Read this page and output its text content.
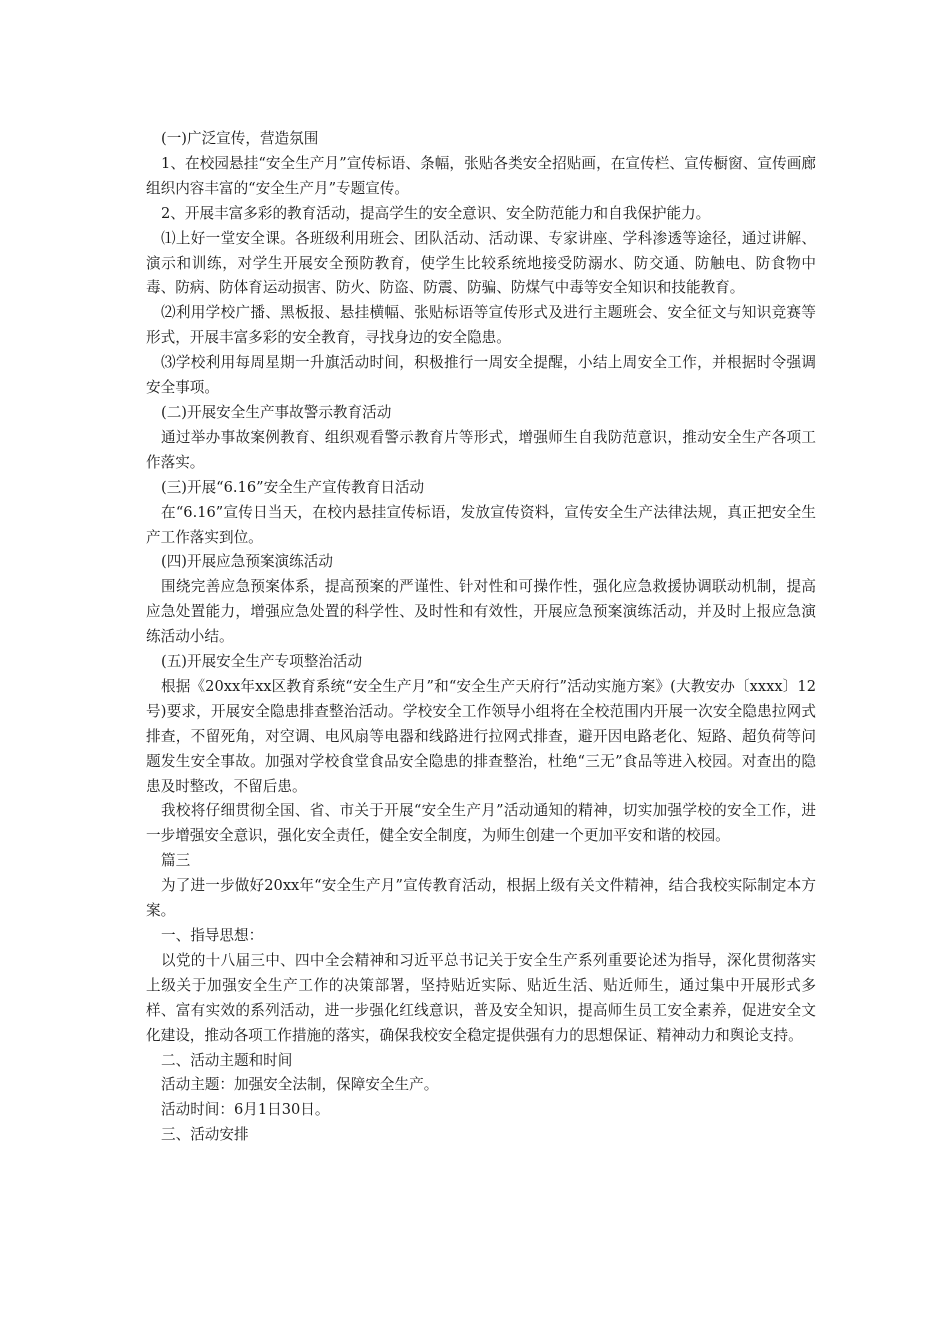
(一)广泛宣传，营造氛围

1、在校园悬挂“安全生产月”宣传标语、条幅，张贴各类安全招贴画，在宣传栏、宣传橱窗、宣传画廊组织内容丰富的“安全生产月”专题宣传。

2、开展丰富多彩的教育活动，提高学生的安全意识、安全防范能力和自我保护能力。

⑴上好一堂安全课。各班级利用班会、团队活动、活动课、专家讲座、学科渗透等途径，通过讲解、演示和训练，对学生开展安全预防教育，使学生比较系统地接受防溺水、防交通、防触电、防食物中毒、防病、防体育运动损害、防火、防盗、防震、防骗、防煤气中毒等安全知识和技能教育。

⑵利用学校广播、黑板报、悬挂横幅、张贴标语等宣传形式及进行主题班会、安全征文与知识竞赛等形式，开展丰富多彩的安全教育，寻找身边的安全隐患。

⑶学校利用每周星期一升旗活动时间，积极推行一周安全提醒，小结上周安全工作，并根据时令强调安全事项。

(二)开展安全生产事故警示教育活动

通过举办事故案例教育、组织观看警示教育片等形式，增强师生自我防范意识，推动安全生产各项工作落实。

(三)开展“6.16”安全生产宣传教育日活动

在“6.16”宣传日当天，在校内悬挂宣传标语，发放宣传资料，宣传安全生产法律法规，真正把安全生产工作落实到位。

(四)开展应急预案演练活动

围绕完善应急预案体系，提高预案的严谨性、针对性和可操作性，强化应急救援协调联动机制，提高应急处置能力，增强应急处置的科学性、及时性和有效性，开展应急预案演练活动，并及时上报应急演练活动小结。

(五)开展安全生产专项整治活动

根据《20xx年xx区教育系统“安全生产月”和“安全生产天府行”活动实施方案》(大教安办〔xxxx〕12号)要求，开展安全隐患排查整治活动。学校安全工作领导小组将在全校范围内开展一次安全隐患拉网式排查，不留死角，对空调、电风扇等电器和线路进行拉网式排查，避开因电路老化、短路、超负荷等问题发生安全事故。加强对学校食堂食品安全隐患的排查整治，杜绝“三无”食品等进入校园。对查出的隐患及时整改，不留后患。

我校将仔细贯彻全国、省、市关于开展“安全生产月”活动通知的精神，切实加强学校的安全工作，进一步增强安全意识，强化安全责任，健全安全制度，为师生创建一个更加平安和谐的校园。

篇三

为了进一步做好20xx年“安全生产月”宣传教育活动，根据上级有关文件精神，结合我校实际制定本方案。

一、指导思想：

以党的十八届三中、四中全会精神和习近平总书记关于安全生产系列重要论述为指导，深化贯彻落实上级关于加强安全生产工作的决策部署，坚持贴近实际、贴近生活、贴近师生，通过集中开展形式多样、富有实效的系列活动，进一步强化红线意识，普及安全知识，提高师生员工安全素养，促进安全文化建设，推动各项工作措施的落实，确保我校安全稳定提供强有力的思想保证、精神动力和舆论支持。

二、活动主题和时间

活动主题：加强安全法制，保障安全生产。

活动时间：6月1日30日。

三、活动安排
